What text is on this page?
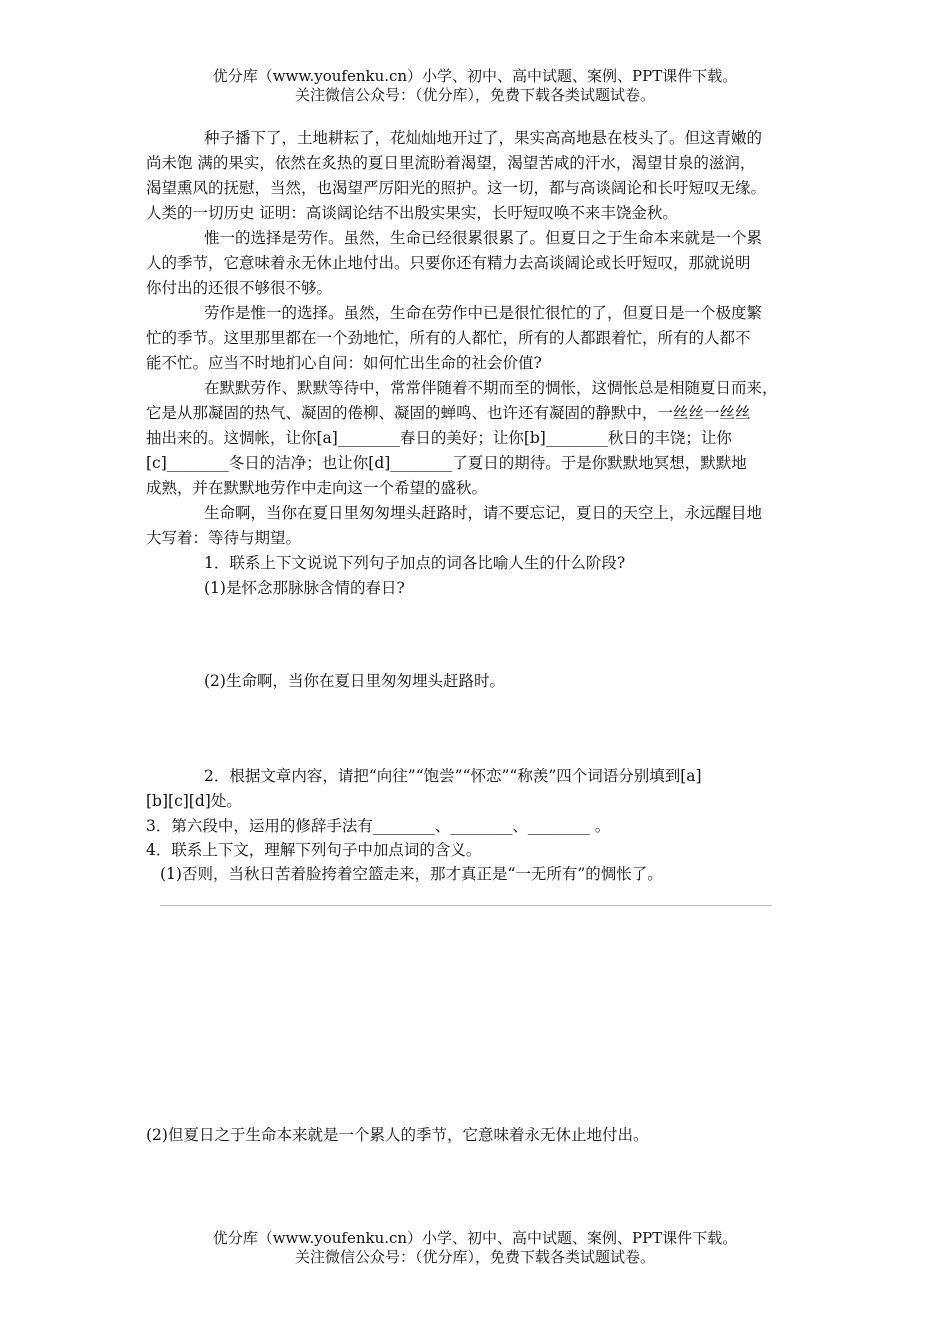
优分库（www.youfenku.cn）小学、初中、高中试题、案例、PPT课件下载。
关注微信公众号：（优分库），免费下载各类试题试卷。
种子播下了，土地耕耘了，花灿灿地开过了，果实高高地悬在枝头了。但这青嫩的
尚未饱 满的果实，依然在炙热的夏日里流盼着渴望，渴望苦咸的汗水，渴望甘泉的滋润，
渴望熏风的抚慰，当然，也渴望严厉阳光的照护。这一切，都与高谈阔论和长吁短叹无缘。
人类的一切历史 证明：高谈阔论结不出殷实果实，长吁短叹唤不来丰饶金秋。
惟一的选择是劳作。虽然，生命已经很累很累了。但夏日之于生命本来就是一个累
人的季节，它意味着永无休止地付出。只要你还有精力去高谈阔论或长吁短叹，那就说明
你付出的还很不够很不够。
劳作是惟一的选择。虽然，生命在劳作中已是很忙很忙的了，但夏日是一个极度繁
忙的季节。这里那里都在一个劲地忙，所有的人都忙，所有的人都跟着忙，所有的人都不
能不忙。应当不时地扪心自问：如何忙出生命的社会价值?
在默默劳作、默默等待中，常常伴随着不期而至的惆怅，这惆怅总是相随夏日而来，
它是从那凝固的热气、凝固的倦柳、凝固的蝉鸣、也许还有凝固的静默中，一丝丝一丝丝
抽出来的。这惆帐，让你[a]________春日的美好；让你[b]________秋日的丰饶；让你
[c]________冬日的洁净；也让你[d]________了夏日的期待。于是你默默地冥想，默默地
成熟，并在默默地劳作中走向这一个希望的盛秋。
生命啊，当你在夏日里匆匆埋头赶路时，请不要忘记，夏日的天空上，永远醒目地
大写着：等待与期望。
1．联系上下文说说下列句子加点的词各比喻人生的什么阶段?
(1)是怀念那脉脉含情的春日?
(2)生命啊，当你在夏日里匆匆埋头赶路时。
2．根据文章内容，请把“向往”“饱尝”“怀恋”“称羡”四个词语分别填到[a]
[b][c][d]处。
3．第六段中，运用的修辞手法有________、________、________ 。
4．联系上下文，理解下列句子中加点词的含义。
(1)否则，当秋日苦着脸挎着空篮走来，那才真正是“一无所有”的惆怅了。
(2)但夏日之于生命本来就是一个累人的季节，它意味着永无休止地付出。
优分库（www.youfenku.cn）小学、初中、高中试题、案例、PPT课件下载。
关注微信公众号：（优分库），免费下载各类试题试卷。
